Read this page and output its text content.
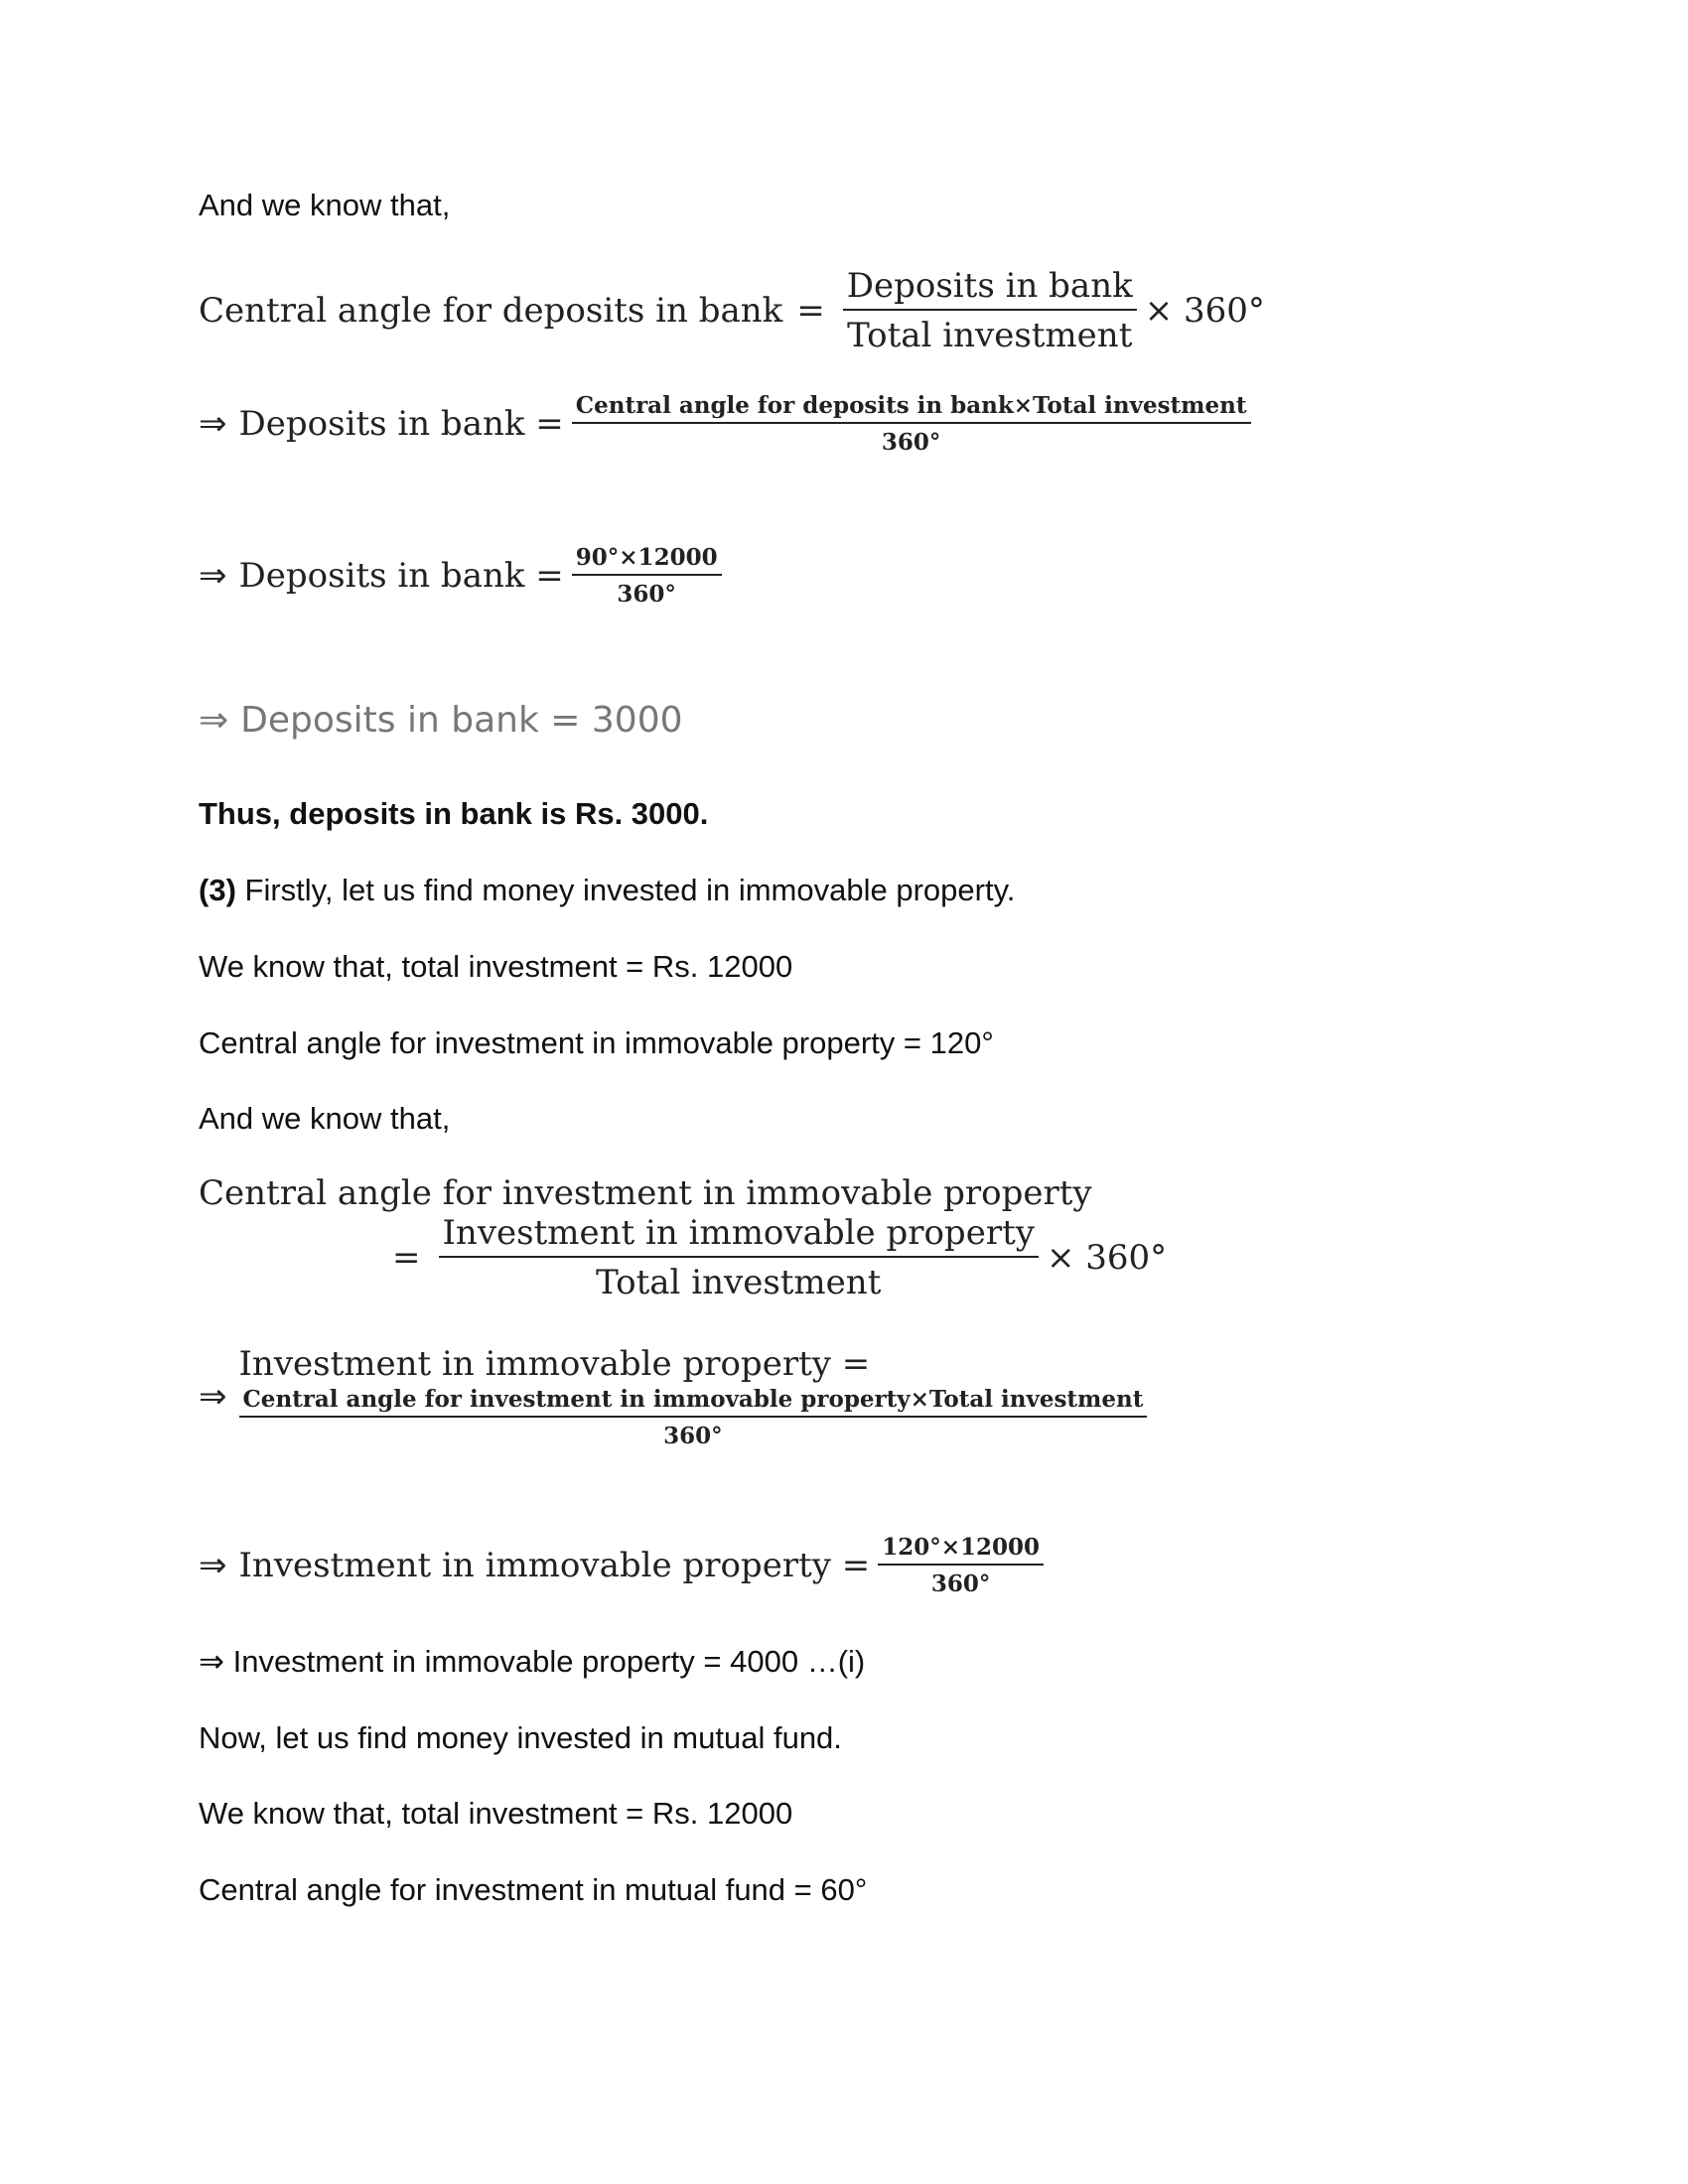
And we know that,
Central angle for deposits in bank = $\frac{\text{Deposits in bank}}{\text{Total investment}} \times 360^\circ$
⇒ Deposits in bank = $\frac{\text{Central angle for deposits in bank×Total investment}}{360^\circ}$
⇒ Deposits in bank = $\frac{90^\circ\times 12000}{360^\circ}$
⇒ Deposits in bank = 3000
Thus, deposits in bank is Rs. 3000.
(3) Firstly, let us find money invested in immovable property.
We know that, total investment = Rs. 12000
Central angle for investment in immovable property = 120°
And we know that,
Central angle for investment in immovable property
= $\frac{\text{Investment in immovable property}}{\text{Total investment}} \times 360^\circ$
⇒
Investment in immovable property =
Central angle for investment in immovable property×Total investment
360°
⇒ Investment in immovable property = $\frac{120^\circ\times 12000}{360^\circ}$
⇒ Investment in immovable property = 4000 …(i)
Now, let us find money invested in mutual fund.
We know that, total investment = Rs. 12000
Central angle for investment in mutual fund = 60°
